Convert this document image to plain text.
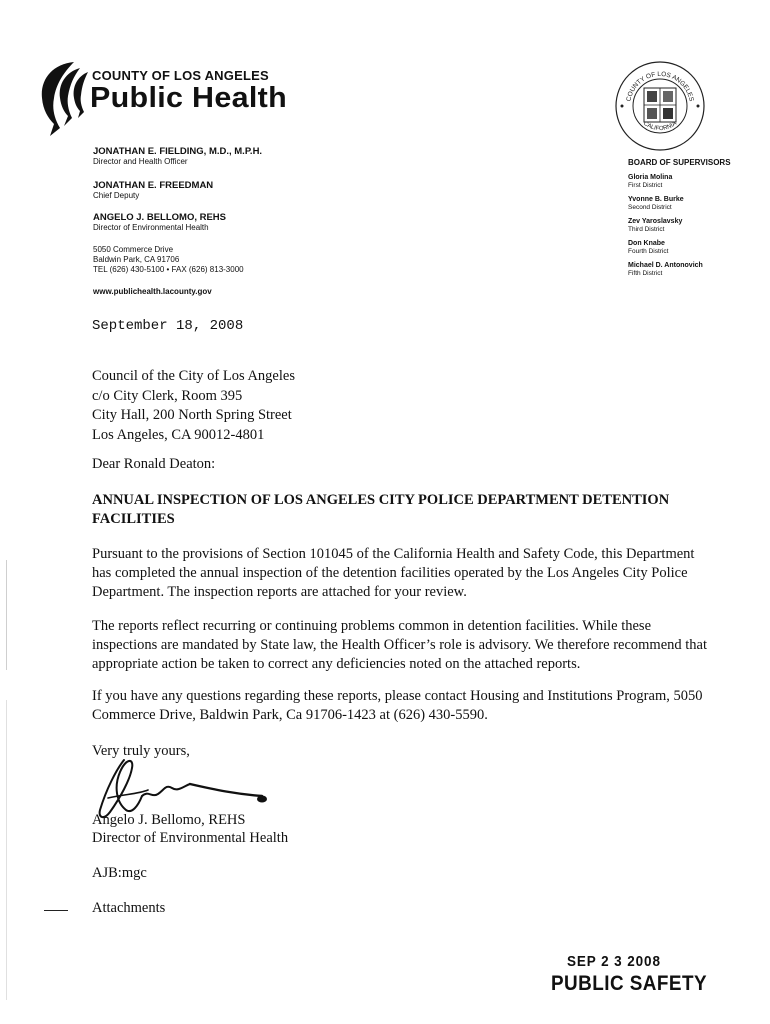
COUNTY OF LOS ANGELES
Public Health	COUNTY OF LOS ANGELES
CALIFORNIA
JONATHAN E. FIELDING, M.D., M.P.H.
Director and Health Officer
JONATHAN E. FREEDMAN
Chief Deputy
ANGELO J. BELLOMO, REHS
Director of Environmental Health
5050 Commerce Drive
Baldwin Park, CA 91706
TEL (626) 430-5100 • FAX (626) 813-3000
www.publichealth.lacounty.gov
BOARD OF SUPERVISORS
Gloria Molina
First District
Yvonne B. Burke
Second District
Zev Yaroslavsky
Third District
Don Knabe
Fourth District
Michael D. Antonovich
Fifth District
September 18, 2008
Council of the City of Los Angeles
c/o City Clerk, Room 395
City Hall, 200 North Spring Street
Los Angeles, CA 90012-4801
Dear Ronald Deaton:
ANNUAL INSPECTION OF LOS ANGELES CITY POLICE DEPARTMENT DETENTION FACILITIES
Pursuant to the provisions of Section 101045 of the California Health and Safety Code, this Department has completed the annual inspection of the detention facilities operated by the Los Angeles City Police Department. The inspection reports are attached for your review.
The reports reflect recurring or continuing problems common in detention facilities. While these inspections are mandated by State law, the Health Officer’s role is advisory. We therefore recommend that appropriate action be taken to correct any deficiencies noted on the attached reports.
If you have any questions regarding these reports, please contact Housing and Institutions Program, 5050 Commerce Drive, Baldwin Park, Ca 91706-1423 at (626) 430-5590.
Very truly yours,
Angelo J. Bellomo, REHS
Director of Environmental Health
AJB:mgc
Attachments
SEP 2 3 2008
PUBLIC SAFETY
